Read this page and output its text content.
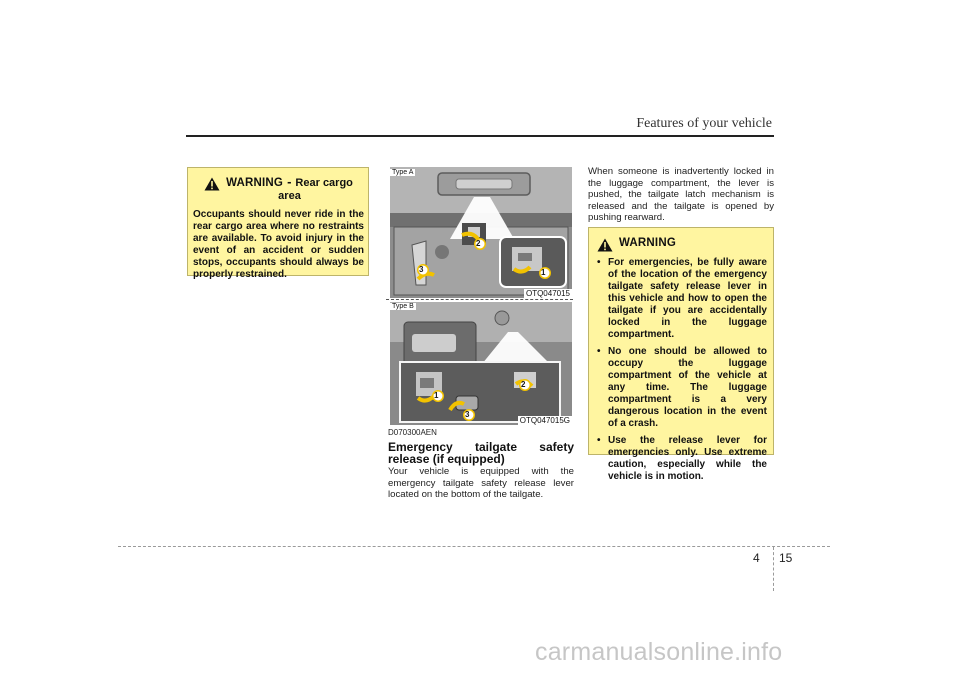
Features of your vehicle
WARNING - Rear cargo
area
Occupants should never ride in the rear cargo area where no restraints are available. To avoid injury in the event of an accident or sudden stops, occupants should always be properly restrained.
2
1
3
Type A
OTQ047015
1
2
3
Type B
OTQ047015G
D070300AEN
Emergency tailgate safety release (if equipped)
Your vehicle is equipped with the emergency tailgate safety release lever located on the bottom of the tailgate.
When someone is inadvertently locked in the luggage compartment, the lever is pushed, the tailgate latch mechanism is released and the tailgate is opened by pushing rearward.
WARNING
• For emergencies, be fully aware of the location of the emergency tailgate safety release lever in this vehicle and how to open the tailgate if you are accidentally locked in the luggage compartment.
• No one should be allowed to occupy the luggage compartment of the vehicle at any time. The luggage compartment is a very dangerous location in the event of a crash.
• Use the release lever for emergencies only. Use extreme caution, especially while the vehicle is in motion.
4 15
carmanualsonline.info
